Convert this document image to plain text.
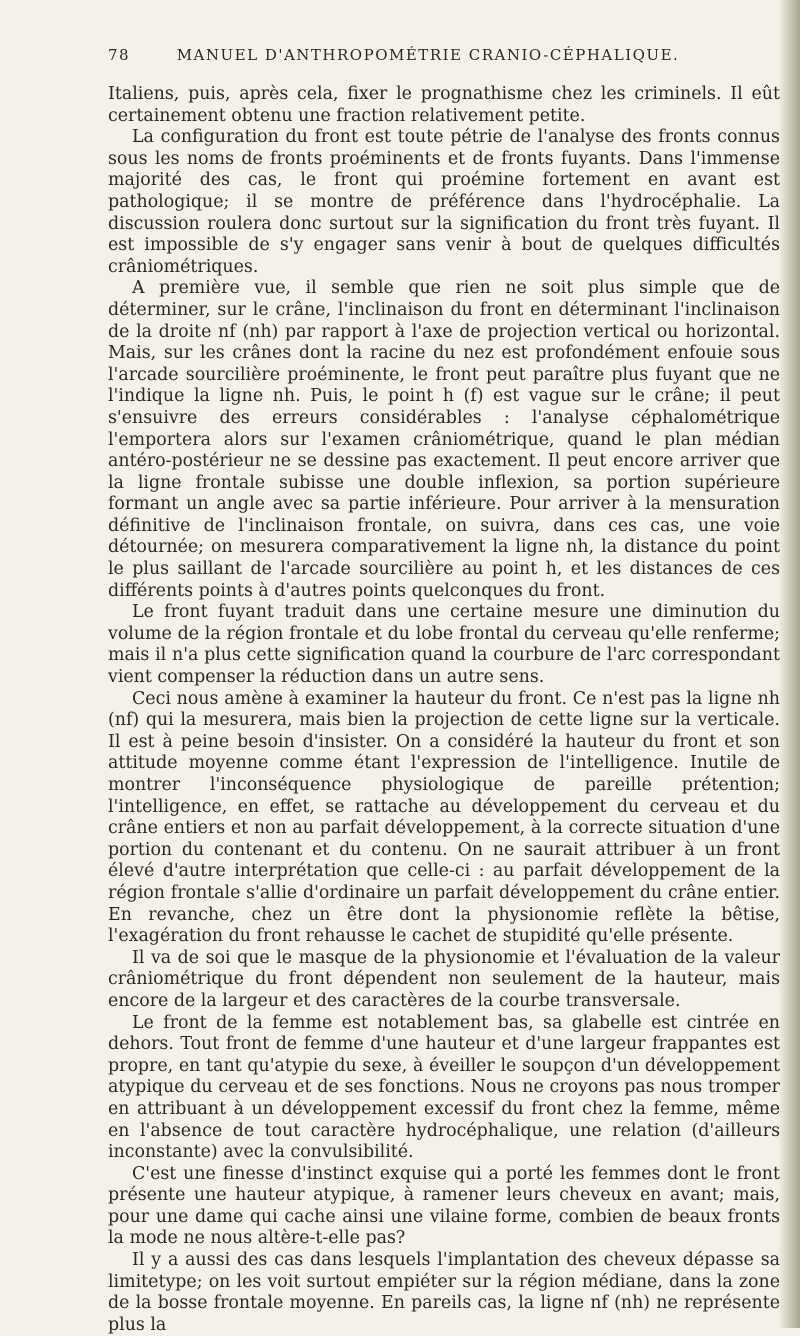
78	MANUEL D'ANTHROPOMÉTRIE CRANIO-CÉPHALIQUE.

Italiens, puis, après cela, fixer le prognathisme chez les criminels. Il eût certainement obtenu une fraction relativement petite.

La configuration du front est toute pétrie de l'analyse des fronts connus sous les noms de fronts proéminents et de fronts fuyants. Dans l'immense majorité des cas, le front qui proémine fortement en avant est pathologique; il se montre de préférence dans l'hydrocéphalie. La discussion roulera donc surtout sur la signification du front très fuyant. Il est impossible de s'y engager sans venir à bout de quelques difficultés crâniométriques.

A première vue, il semble que rien ne soit plus simple que de déterminer, sur le crâne, l'inclinaison du front en déterminant l'inclinaison de la droite nf (nh) par rapport à l'axe de projection vertical ou horizontal. Mais, sur les crânes dont la racine du nez est profondément enfouie sous l'arcade sourcilière proéminente, le front peut paraître plus fuyant que ne l'indique la ligne nh. Puis, le point h (f) est vague sur le crâne; il peut s'ensuivre des erreurs considérables : l'analyse céphalométrique l'emportera alors sur l'examen crâniométrique, quand le plan médian antéro-postérieur ne se dessine pas exactement. Il peut encore arriver que la ligne frontale subisse une double inflexion, sa portion supérieure formant un angle avec sa partie inférieure. Pour arriver à la mensuration définitive de l'inclinaison frontale, on suivra, dans ces cas, une voie détournée; on mesurera comparativement la ligne nh, la distance du point le plus saillant de l'arcade sourcilière au point h, et les distances de ces différents points à d'autres points quelconques du front.

Le front fuyant traduit dans une certaine mesure une diminution du volume de la région frontale et du lobe frontal du cerveau qu'elle renferme; mais il n'a plus cette signification quand la courbure de l'arc correspondant vient compenser la réduction dans un autre sens.

Ceci nous amène à examiner la hauteur du front. Ce n'est pas la ligne nh (nf) qui la mesurera, mais bien la projection de cette ligne sur la verticale. Il est à peine besoin d'insister. On a considéré la hauteur du front et son attitude moyenne comme étant l'expression de l'intelligence. Inutile de montrer l'inconséquence physiologique de pareille prétention; l'intelligence, en effet, se rattache au développement du cerveau et du crâne entiers et non au parfait développement, à la correcte situation d'une portion du contenant et du contenu. On ne saurait attribuer à un front élevé d'autre interprétation que celle-ci : au parfait développement de la région frontale s'allie d'ordinaire un parfait développement du crâne entier. En revanche, chez un être dont la physionomie reflète la bêtise, l'exagération du front rehausse le cachet de stupidité qu'elle présente.

Il va de soi que le masque de la physionomie et l'évaluation de la valeur crâniométrique du front dépendent non seulement de la hauteur, mais encore de la largeur et des caractères de la courbe transversale.

Le front de la femme est notablement bas, sa glabelle est cintrée en dehors. Tout front de femme d'une hauteur et d'une largeur frappantes est propre, en tant qu'atypie du sexe, à éveiller le soupçon d'un développement atypique du cerveau et de ses fonctions. Nous ne croyons pas nous tromper en attribuant à un développement excessif du front chez la femme, même en l'absence de tout caractère hydrocéphalique, une relation (d'ailleurs inconstante) avec la convulsibilité.

C'est une finesse d'instinct exquise qui a porté les femmes dont le front présente une hauteur atypique, à ramener leurs cheveux en avant; mais, pour une dame qui cache ainsi une vilaine forme, combien de beaux fronts la mode ne nous altère-t-elle pas?

Il y a aussi des cas dans lesquels l'implantation des cheveux dépasse sa limitetype; on les voit surtout empiéter sur la région médiane, dans la zone de la bosse frontale moyenne. En pareils cas, la ligne nf (nh) ne représente plus la
